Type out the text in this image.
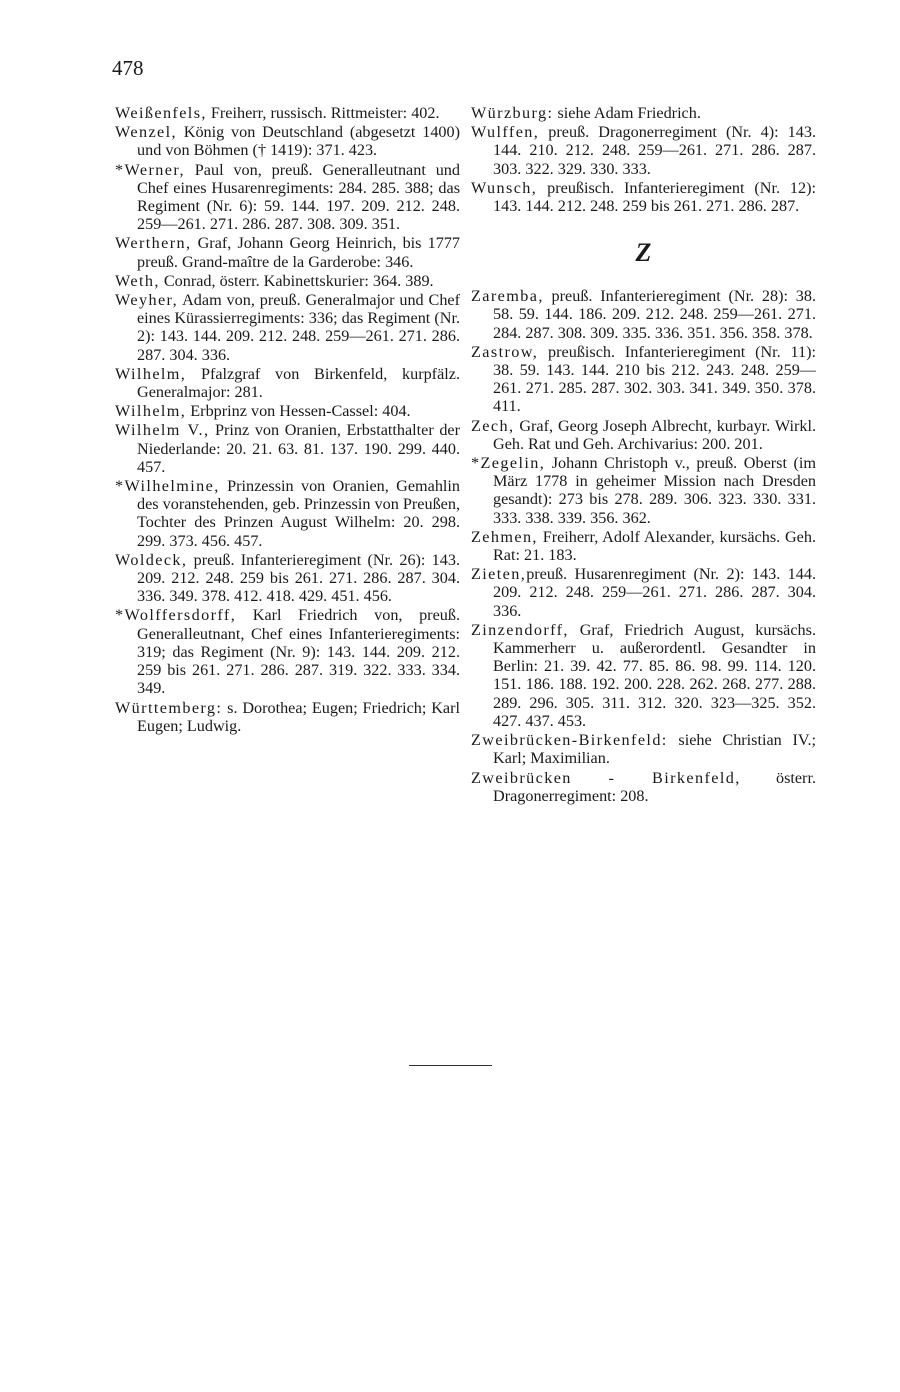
478
Weißenfels, Freiherr, russisch. Rittmeister: 402.
Wenzel, König von Deutschland (abgesetzt 1400) und von Böhmen († 1419): 371. 423.
*Werner, Paul von, preuß. Generalleutnant und Chef eines Husarenregiments: 284. 285. 388; das Regiment (Nr. 6): 59. 144. 197. 209. 212. 248. 259—261. 271. 286. 287. 308. 309. 351.
Werthern, Graf, Johann Georg Heinrich, bis 1777 preuß. Grand-maître de la Garderobe: 346.
Weth, Conrad, österr. Kabinettskurier: 364. 389.
Weyher, Adam von, preuß. Generalmajor und Chef eines Kürassierregiments: 336; das Regiment (Nr. 2): 143. 144. 209. 212. 248. 259—261. 271. 286. 287. 304. 336.
Wilhelm, Pfalzgraf von Birkenfeld, kurpfälz. Generalmajor: 281.
Wilhelm, Erbprinz von Hessen-Cassel: 404.
Wilhelm V., Prinz von Oranien, Erbstatthalter der Niederlande: 20. 21. 63. 81. 137. 190. 299. 440. 457.
*Wilhelmine, Prinzessin von Oranien, Gemahlin des voranstehenden, geb. Prinzessin von Preußen, Tochter des Prinzen August Wilhelm: 20. 298. 299. 373. 456. 457.
Woldeck, preuß. Infanterieregiment (Nr. 26): 143. 209. 212. 248. 259 bis 261. 271. 286. 287. 304. 336. 349. 378. 412. 418. 429. 451. 456.
*Wolffersdorff, Karl Friedrich von, preuß. Generalleutnant, Chef eines Infanterieregiments: 319; das Regiment (Nr. 9): 143. 144. 209. 212. 259 bis 261. 271. 286. 287. 319. 322. 333. 334. 349.
Württemberg: s. Dorothea; Eugen; Friedrich; Karl Eugen; Ludwig.
Würzburg: siehe Adam Friedrich.
Wulffen, preuß. Dragonerregiment (Nr. 4): 143. 144. 210. 212. 248. 259—261. 271. 286. 287. 303. 322. 329. 330. 333.
Wunsch, preußisch. Infanterieregiment (Nr. 12): 143. 144. 212. 248. 259 bis 261. 271. 286. 287.
Z
Zaremba, preuß. Infanterieregiment (Nr. 28): 38. 58. 59. 144. 186. 209. 212. 248. 259—261. 271. 284. 287. 308. 309. 335. 336. 351. 356. 358. 378.
Zastrow, preußisch. Infanterieregiment (Nr. 11): 38. 59. 143. 144. 210 bis 212. 243. 248. 259—261. 271. 285. 287. 302. 303. 341. 349. 350. 378. 411.
Zech, Graf, Georg Joseph Albrecht, kurbayr. Wirkl. Geh. Rat und Geh. Archivarius: 200. 201.
*Zegelin, Johann Christoph v., preuß. Oberst (im März 1778 in geheimer Mission nach Dresden gesandt): 273 bis 278. 289. 306. 323. 330. 331. 333. 338. 339. 356. 362.
Zehmen, Freiherr, Adolf Alexander, kursächs. Geh. Rat: 21. 183.
Zieten,preuß. Husarenregiment (Nr. 2): 143. 144. 209. 212. 248. 259—261. 271. 286. 287. 304. 336.
Zinzendorff, Graf, Friedrich August, kursächs. Kammerherr u. außerordentl. Gesandter in Berlin: 21. 39. 42. 77. 85. 86. 98. 99. 114. 120. 151. 186. 188. 192. 200. 228. 262. 268. 277. 288. 289. 296. 305. 311. 312. 320. 323—325. 352. 427. 437. 453.
Zweibrücken-Birkenfeld: siehe Christian IV.; Karl; Maximilian.
Zweibrücken - Birkenfeld, österr. Dragonerregiment: 208.
